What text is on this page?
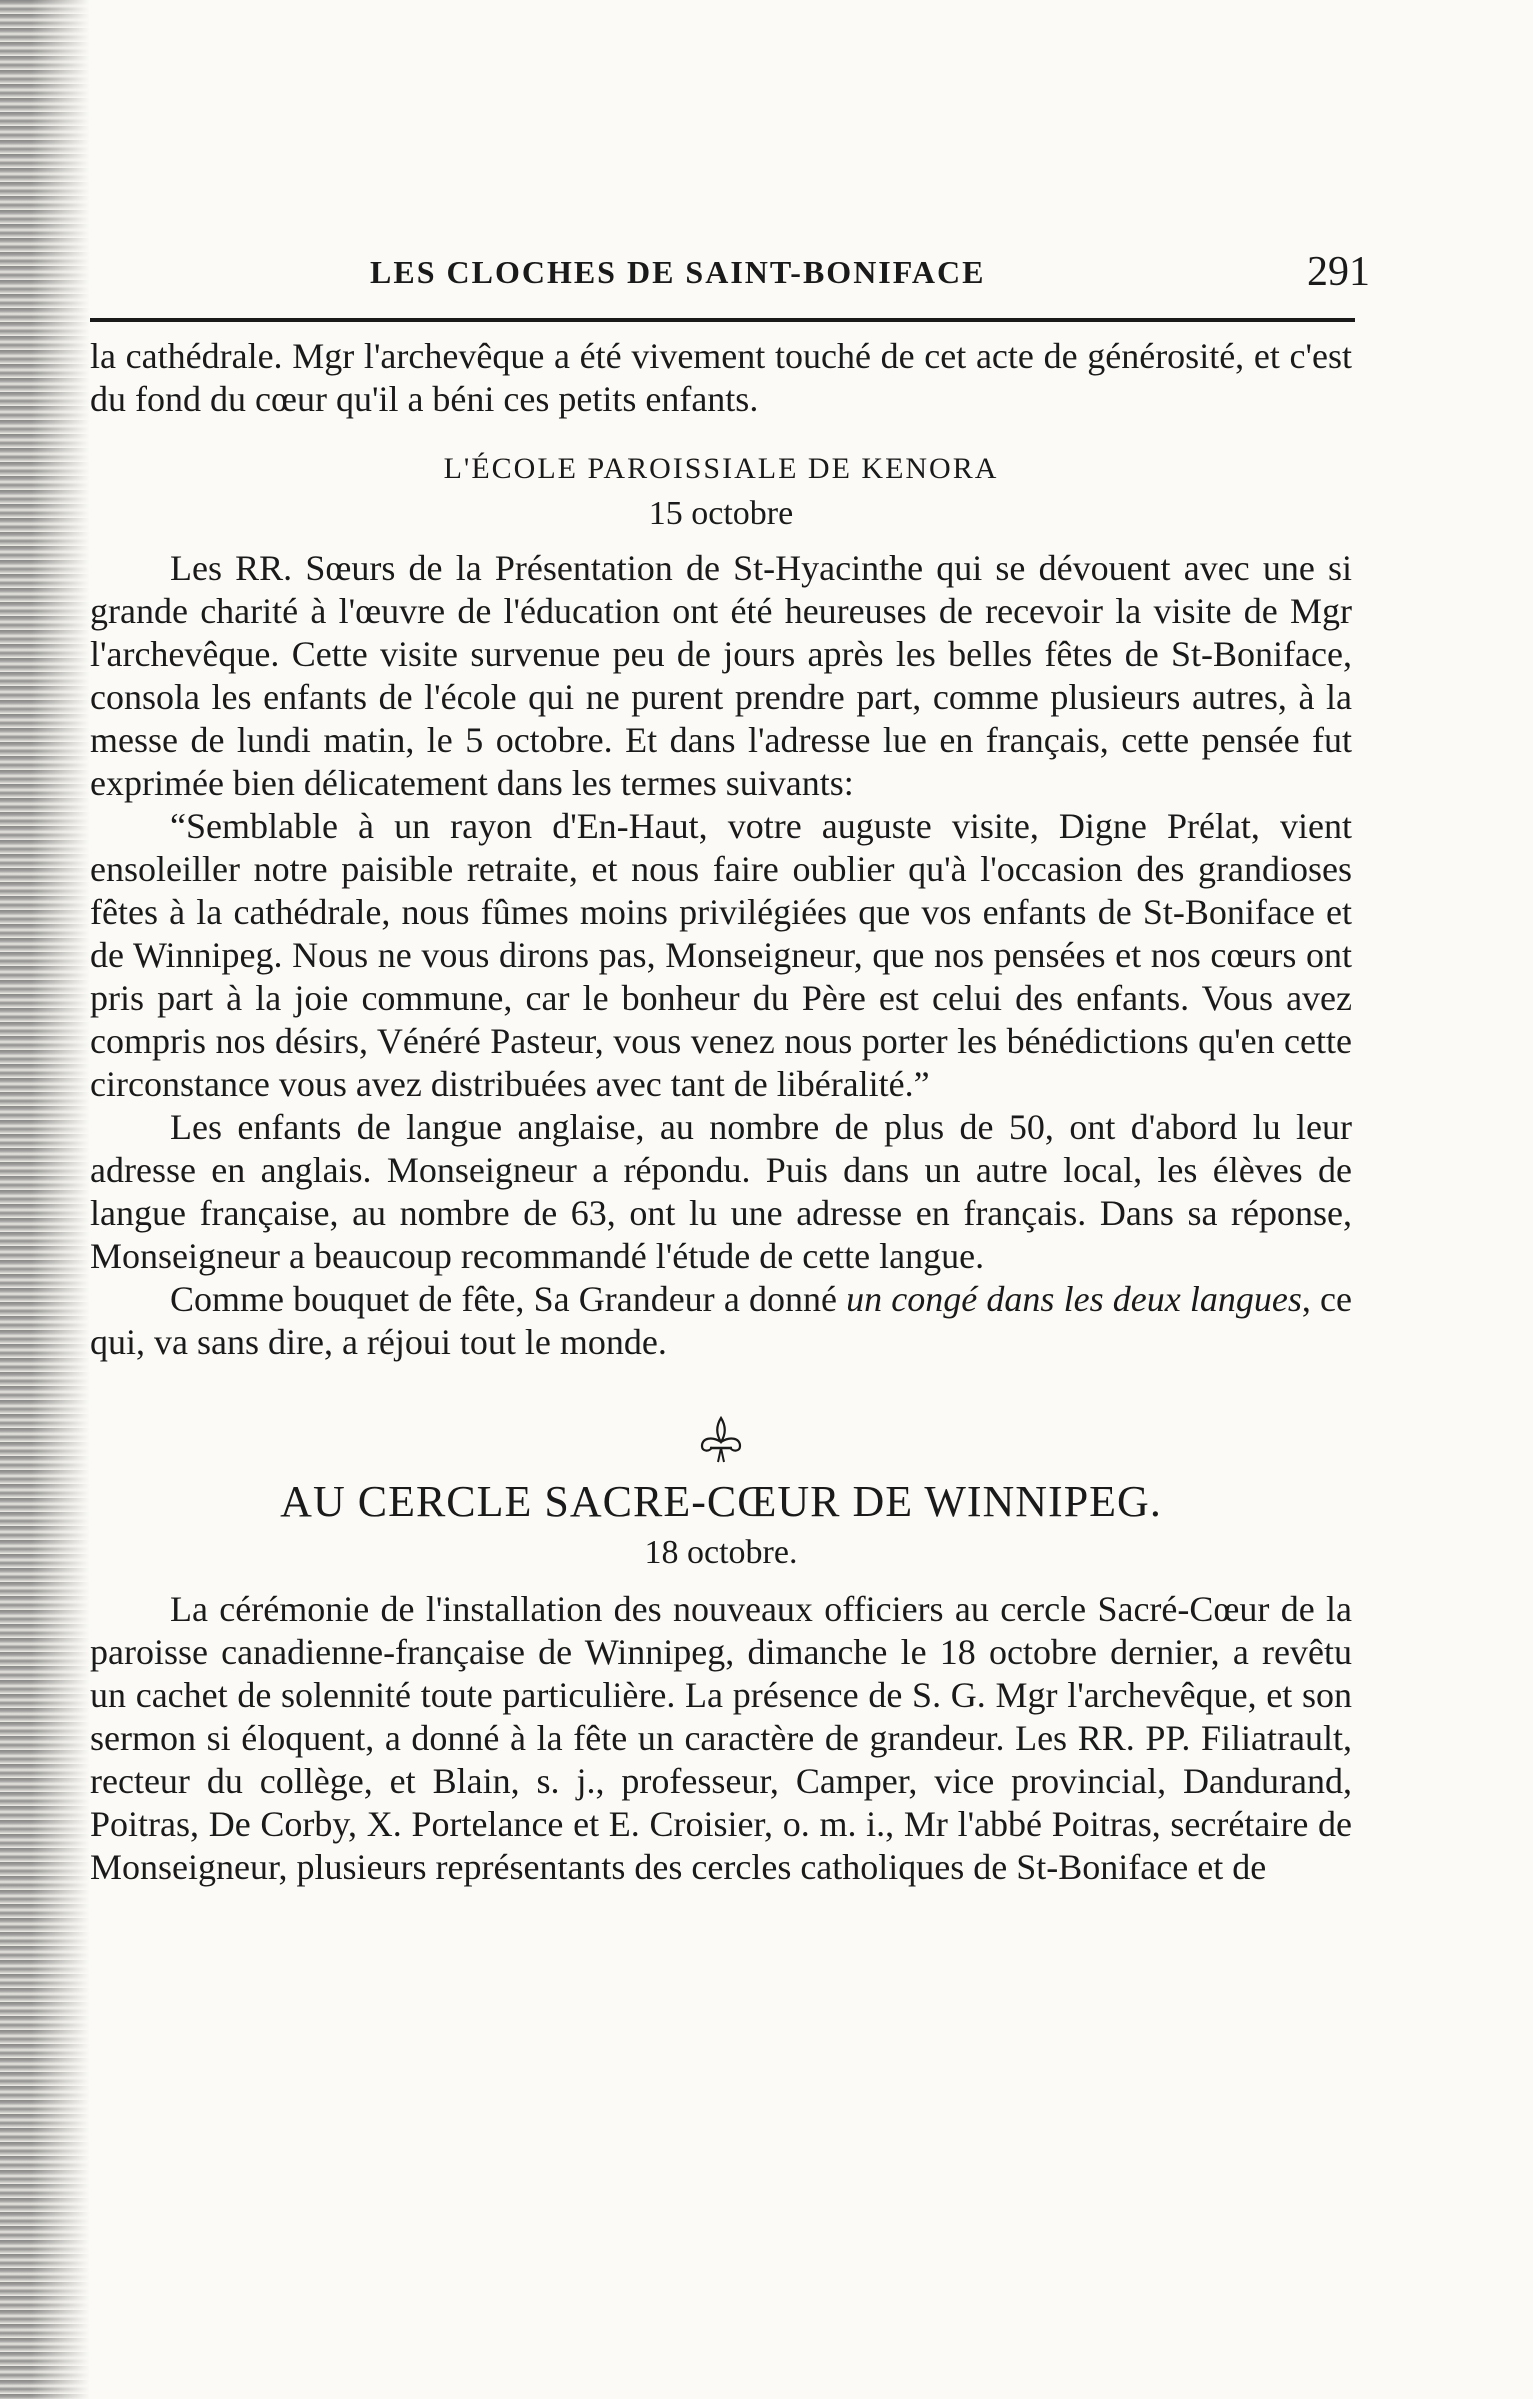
LES CLOCHES DE SAINT-BONIFACE	291

la cathédrale. Mgr l'archevêque a été vivement touché de cet acte de générosité, et c'est du fond du cœur qu'il a béni ces petits enfants.

L'ÉCOLE PAROISSIALE DE KENORA

15 octobre

Les RR. Sœurs de la Présentation de St-Hyacinthe qui se dévouent avec une si grande charité à l'œuvre de l'éducation ont été heureuses de recevoir la visite de Mgr l'archevêque. Cette visite survenue peu de jours après les belles fêtes de St-Boniface, consola les enfants de l'école qui ne purent prendre part, comme plusieurs autres, à la messe de lundi matin, le 5 octobre. Et dans l'adresse lue en français, cette pensée fut exprimée bien délicatement dans les termes suivants:

“Semblable à un rayon d'En-Haut, votre auguste visite, Digne Prélat, vient ensoleiller notre paisible retraite, et nous faire oublier qu'à l'occasion des grandioses fêtes à la cathédrale, nous fûmes moins privilégiées que vos enfants de St-Boniface et de Winnipeg. Nous ne vous dirons pas, Monseigneur, que nos pensées et nos cœurs ont pris part à la joie commune, car le bonheur du Père est celui des enfants. Vous avez compris nos désirs, Vénéré Pasteur, vous venez nous porter les bénédictions qu'en cette circonstance vous avez distribuées avec tant de libéralité.”

Les enfants de langue anglaise, au nombre de plus de 50, ont d'abord lu leur adresse en anglais. Monseigneur a répondu. Puis dans un autre local, les élèves de langue française, au nombre de 63, ont lu une adresse en français. Dans sa réponse, Monseigneur a beaucoup recommandé l'étude de cette langue.

Comme bouquet de fête, Sa Grandeur a donné un congé dans les deux langues, ce qui, va sans dire, a réjoui tout le monde.

AU CERCLE SACRE-CŒUR DE WINNIPEG.

18 octobre.

La cérémonie de l'installation des nouveaux officiers au cercle Sacré-Cœur de la paroisse canadienne-française de Winnipeg, dimanche le 18 octobre dernier, a revêtu un cachet de solennité toute particulière. La présence de S. G. Mgr l'archevêque, et son sermon si éloquent, a donné à la fête un caractère de grandeur. Les RR. PP. Filiatrault, recteur du collège, et Blain, s. j., professeur, Camper, vice provincial, Dandurand, Poitras, De Corby, X. Portelance et E. Croisier, o. m. i., Mr l'abbé Poitras, secrétaire de Monseigneur, plusieurs représentants des cercles catholiques de St-Boniface et de
